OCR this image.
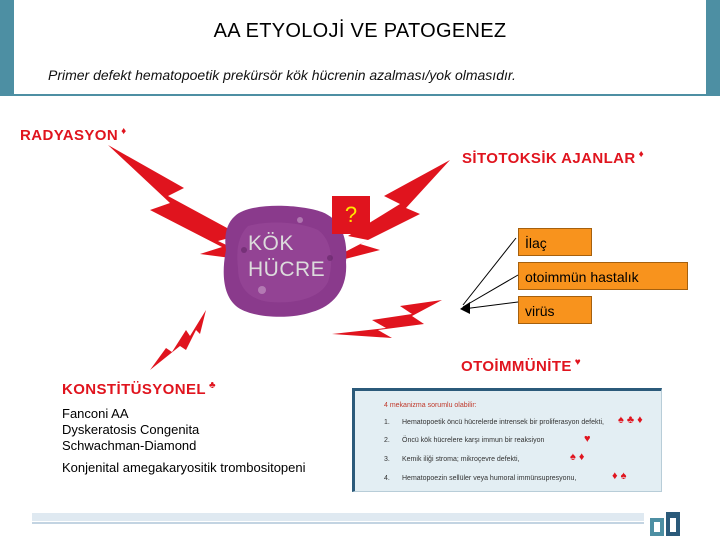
AA ETYOLOJİ VE PATOGENEZ
Primer defekt hematopoetik prekürsör kök hücrenin azalması/yok olmasıdır.
KÖK
HÜCRE
?
RADYASYON ♦
SİTOTOKSİK AJANLAR ♦
OTOİMMÜNİTE ♥
KONSTİTÜSYONEL ♣
İlaç
otoimmün hastalık
virüs
Fanconi AA
Dyskeratosis Congenita
Schwachman-Diamond
Konjenital amegakaryositik trombositopeni
4 mekanizma sorumlu olabilir:
1. Hematopoetik öncü hücrelerde intrensek bir proliferasyon defekti, ♠ ♣ ♦
2. Öncü kök hücrelere karşı immun bir reaksiyon	♥
3. Kemik iliği stroma; mikroçevre defekti,	♠ ♦
4. Hematopoezin sellüler veya humoral immünsupresyonu,	♦ ♠
